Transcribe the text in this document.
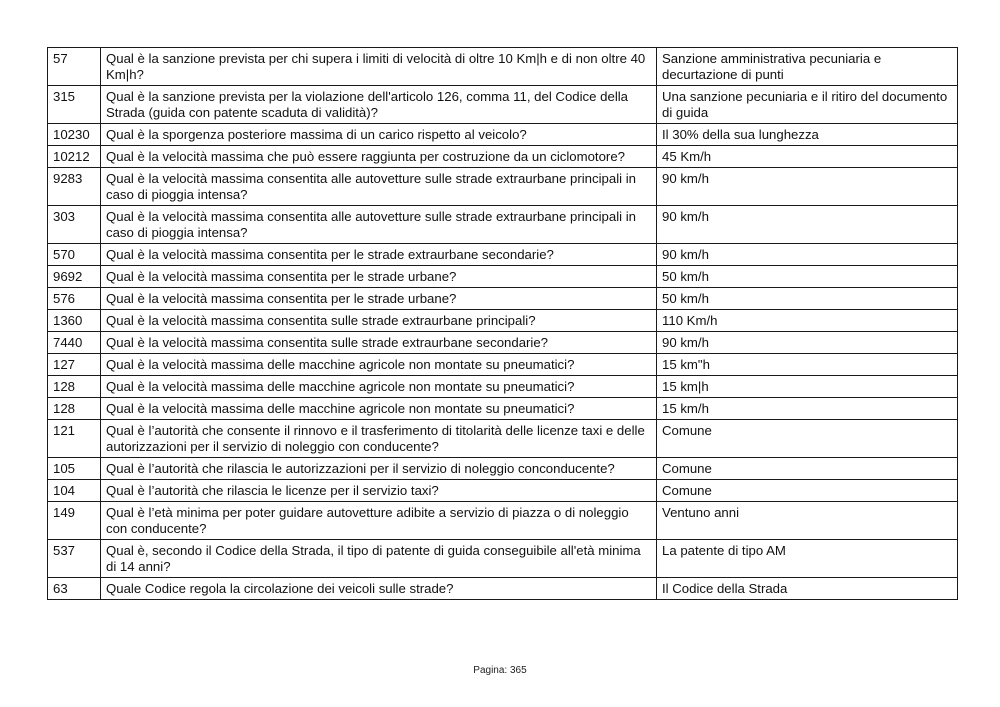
57	Qual è la sanzione prevista per chi supera i limiti di velocità di oltre 10 Km|h e di non oltre 40 Km|h?	Sanzione amministrativa pecuniaria e decurtazione di punti
315	Qual è la sanzione prevista per la violazione dell'articolo 126, comma 11, del Codice della Strada (guida con patente scaduta di validità)?	Una sanzione pecuniaria e il ritiro del documento di guida
10230	Qual è la sporgenza posteriore massima di un carico rispetto al veicolo?	Il 30% della sua lunghezza
10212	Qual è la velocità massima che può essere raggiunta per costruzione da un ciclomotore?	45 Km/h
9283	Qual è la velocità massima consentita alle autovetture sulle strade extraurbane principali in caso di pioggia intensa?	90 km/h
303	Qual è la velocità massima consentita alle autovetture sulle strade extraurbane principali in caso di pioggia intensa?	90 km/h
570	Qual è la velocità massima consentita per le strade extraurbane secondarie?	90 km/h
9692	Qual è la velocità massima consentita per le strade urbane?	50 km/h
576	Qual è la velocità massima consentita per le strade urbane?	50 km/h
1360	Qual è la velocità massima consentita sulle strade extraurbane principali?	110 Km/h
7440	Qual è la velocità massima consentita sulle strade extraurbane secondarie?	90 km/h
127	Qual è la velocità massima delle macchine agricole non montate su pneumatici?	15 km"h
128	Qual è la velocità massima delle macchine agricole non montate su pneumatici?	15 km|h
128	Qual è la velocità massima delle macchine agricole non montate su pneumatici?	15 km/h
121	Qual è l’autorità che consente il rinnovo e il trasferimento di titolarità delle licenze taxi e delle autorizzazioni per il servizio di noleggio con conducente?	Comune
105	Qual è l’autorità che rilascia le autorizzazioni per il servizio di noleggio conconducente?	Comune
104	Qual è l’autorità che rilascia le licenze per il servizio taxi?	Comune
149	Qual è l’età minima per poter guidare autovetture adibite a servizio di piazza o di noleggio con conducente?	Ventuno anni
537	Qual è, secondo il Codice della Strada, il tipo di patente di guida conseguibile all'età minima di 14 anni?	La patente di tipo AM
63	Quale Codice regola la circolazione dei veicoli sulle strade?	Il Codice della Strada
Pagina: 365
